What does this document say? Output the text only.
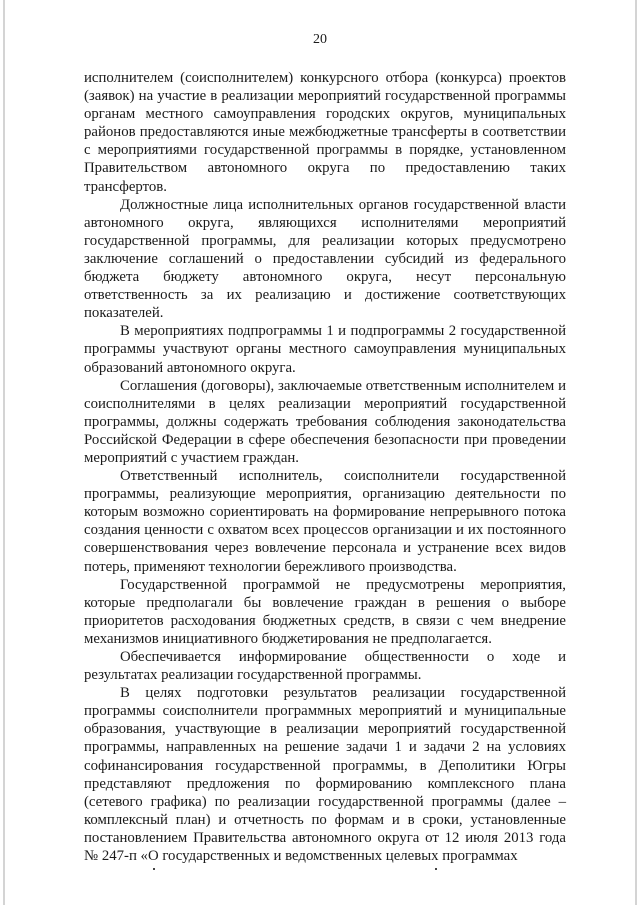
20

исполнителем (соисполнителем) конкурсного отбора (конкурса) проектов (заявок) на участие в реализации мероприятий государственной программы органам местного самоуправления городских округов, муниципальных районов предоставляются иные межбюджетные трансферты в соответствии с мероприятиями государственной программы в порядке, установленном Правительством автономного округа по предоставлению таких трансфертов.

Должностные лица исполнительных органов государственной власти автономного округа, являющихся исполнителями мероприятий государственной программы, для реализации которых предусмотрено заключение соглашений о предоставлении субсидий из федерального бюджета бюджету автономного округа, несут персональную ответственность за их реализацию и достижение соответствующих показателей.

В мероприятиях подпрограммы 1 и подпрограммы 2 государственной программы участвуют органы местного самоуправления муниципальных образований автономного округа.

Соглашения (договоры), заключаемые ответственным исполнителем и соисполнителями в целях реализации мероприятий государственной программы, должны содержать требования соблюдения законодательства Российской Федерации в сфере обеспечения безопасности при проведении мероприятий с участием граждан.

Ответственный исполнитель, соисполнители государственной программы, реализующие мероприятия, организацию деятельности по которым возможно сориентировать на формирование непрерывного потока создания ценности с охватом всех процессов организации и их постоянного совершенствования через вовлечение персонала и устранение всех видов потерь, применяют технологии бережливого производства.

Государственной программой не предусмотрены мероприятия, которые предполагали бы вовлечение граждан в решения о выборе приоритетов расходования бюджетных средств, в связи с чем внедрение механизмов инициативного бюджетирования не предполагается.

Обеспечивается информирование общественности о ходе и результатах реализации государственной программы.

В целях подготовки результатов реализации государственной программы соисполнители программных мероприятий и муниципальные образования, участвующие в реализации мероприятий государственной программы, направленных на решение задачи 1 и задачи 2 на условиях софинансирования государственной программы, в Деполитики Югры представляют предложения по формированию комплексного плана (сетевого графика) по реализации государственной программы (далее – комплексный план) и отчетность по формам и в сроки, установленные постановлением Правительства автономного округа от 12 июля 2013 года № 247-п «О государственных и ведомственных целевых программах
